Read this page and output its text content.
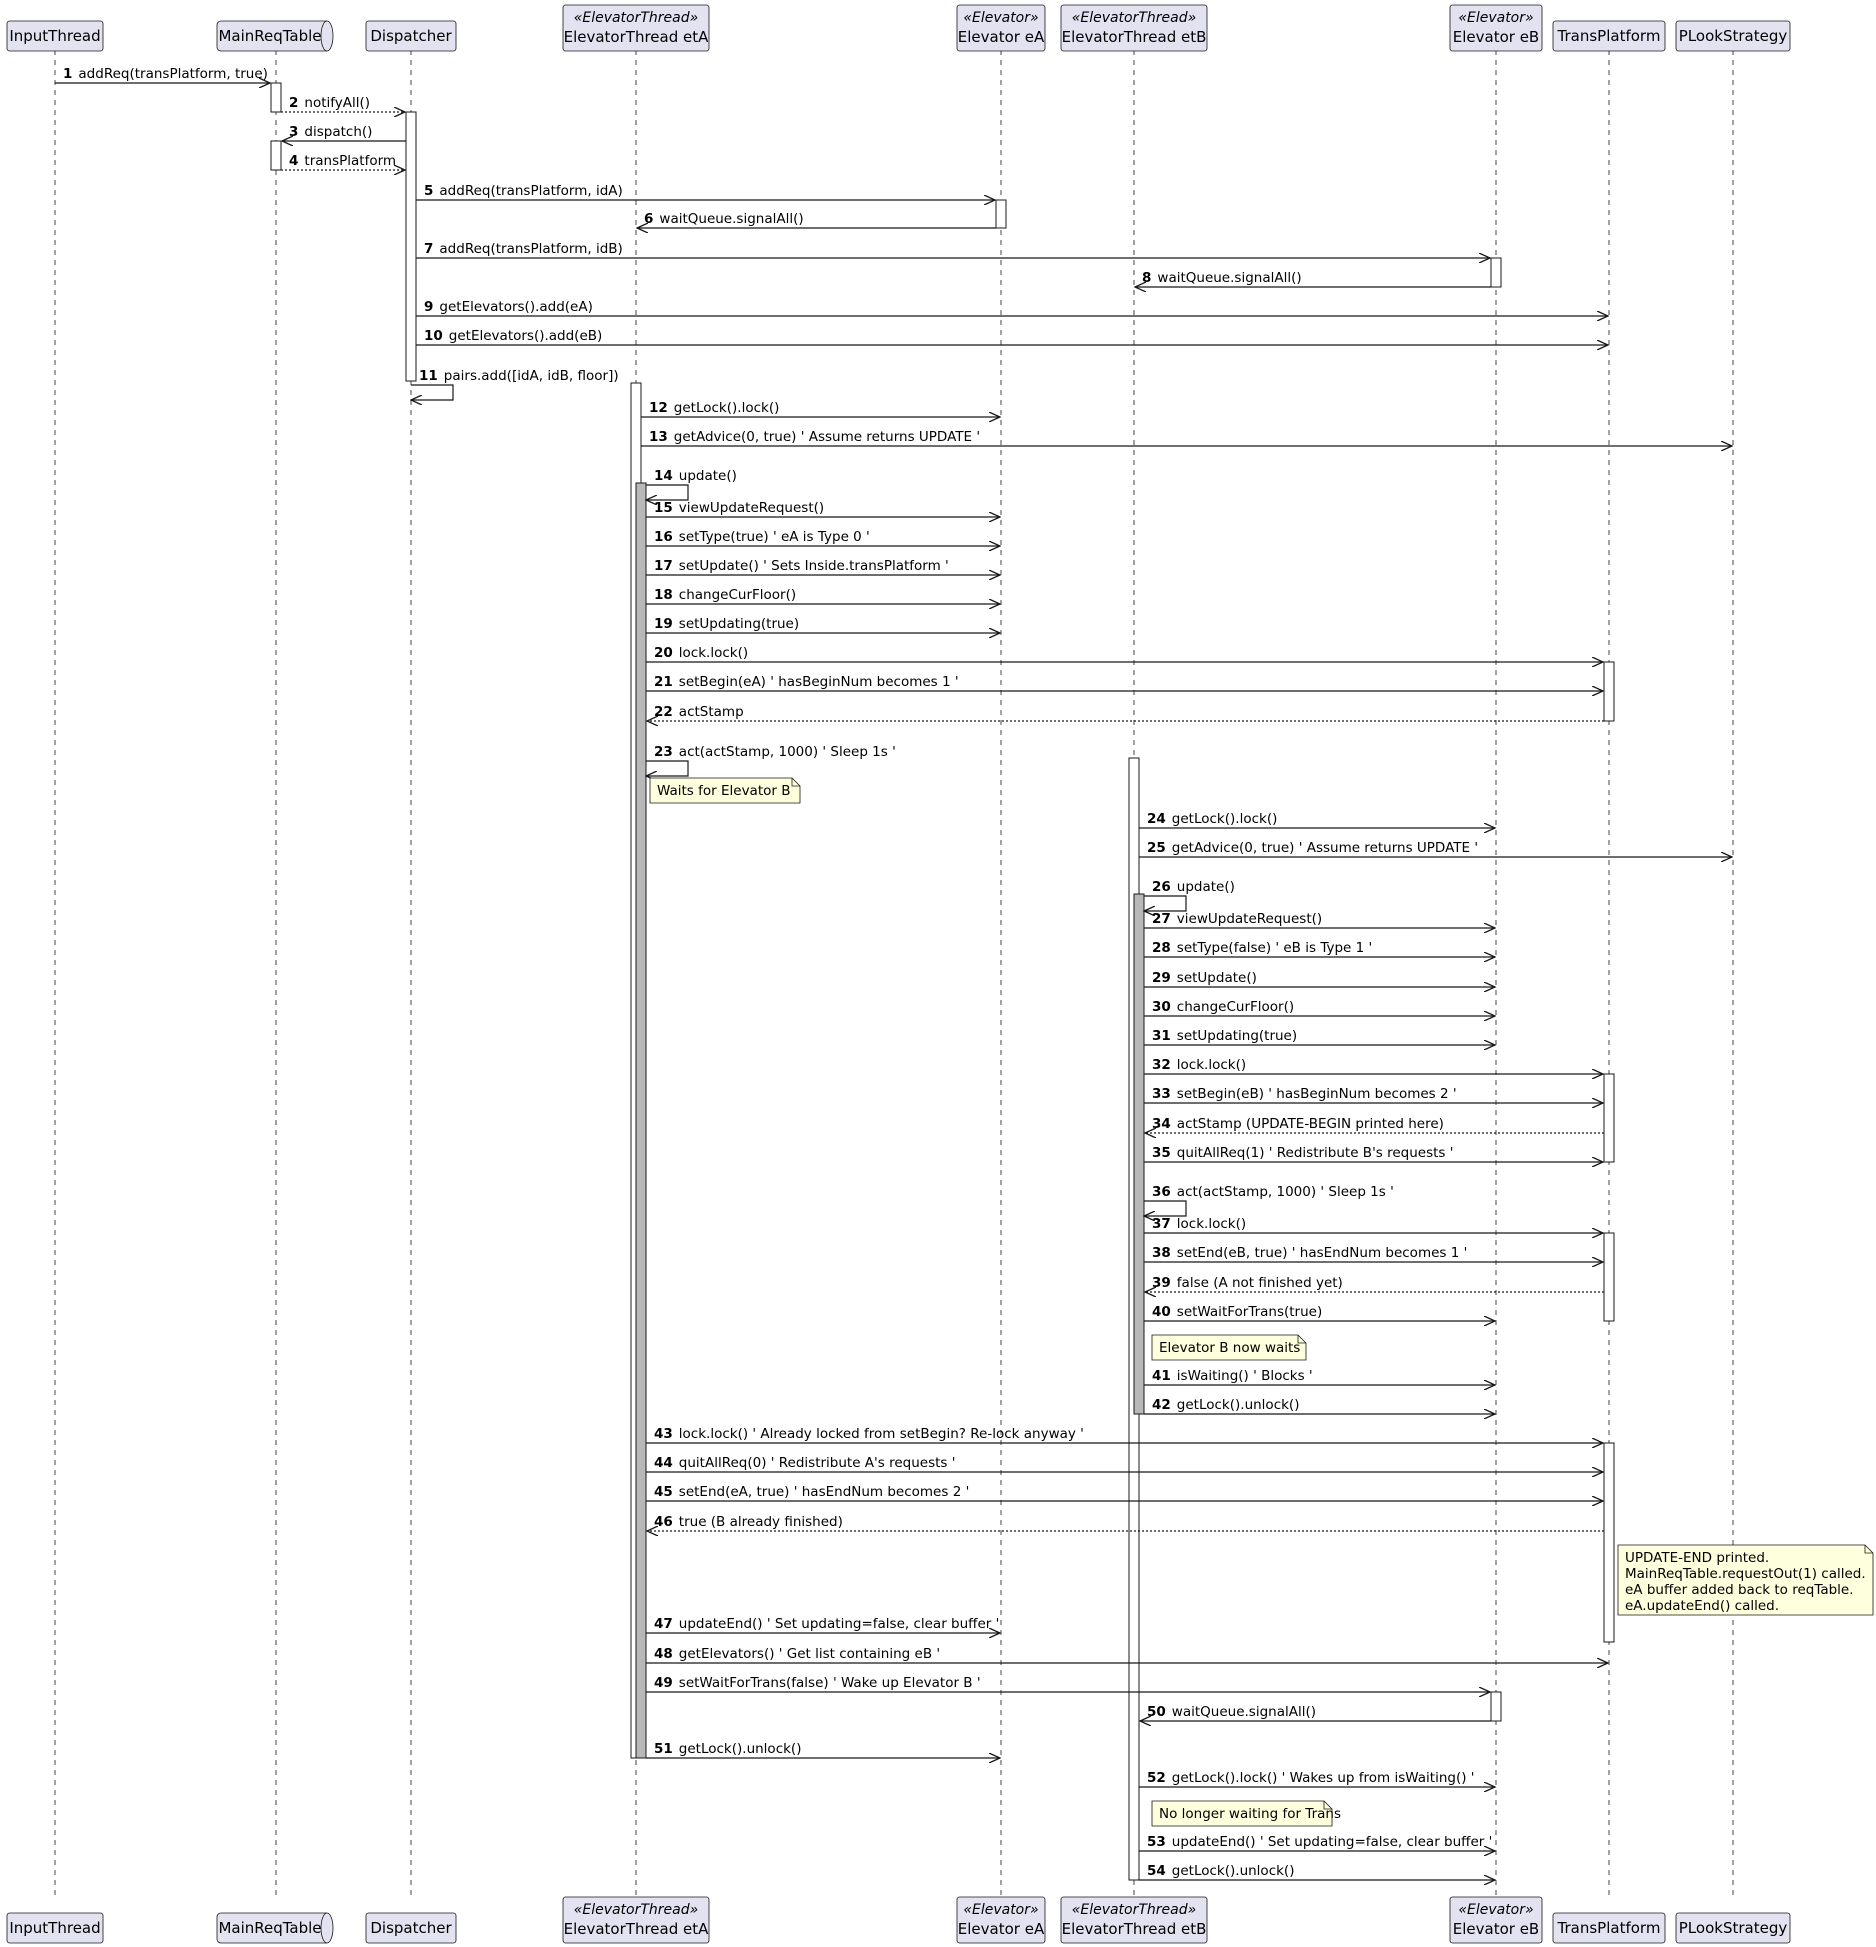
1 addReq(transPlatform, true)
2 notifyAll()
3 dispatch()
4 transPlatform
5 addReq(transPlatform, idA)
6 waitQueue.signalAll()
7 addReq(transPlatform, idB)
8 waitQueue.signalAll()
9 getElevators().add(eA)
10 getElevators().add(eB)
11 pairs.add([idA, idB, floor])
12 getLock().lock()
13 getAdvice(0, true) ' Assume returns UPDATE '
14 update()
15 viewUpdateRequest()
16 setType(true) ' eA is Type 0 '
17 setUpdate() ' Sets Inside.transPlatform '
18 changeCurFloor()
19 setUpdating(true)
20 lock.lock()
21 setBegin(eA) ' hasBeginNum becomes 1 '
22 actStamp
23 act(actStamp, 1000) ' Sleep 1s '
24 getLock().lock()
25 getAdvice(0, true) ' Assume returns UPDATE '
26 update()
27 viewUpdateRequest()
28 setType(false) ' eB is Type 1 '
29 setUpdate()
30 changeCurFloor()
31 setUpdating(true)
32 lock.lock()
33 setBegin(eB) ' hasBeginNum becomes 2 '
34 actStamp (UPDATE-BEGIN printed here)
35 quitAllReq(1) ' Redistribute B's requests '
36 act(actStamp, 1000) ' Sleep 1s '
37 lock.lock()
38 setEnd(eB, true) ' hasEndNum becomes 1 '
39 false (A not finished yet)
40 setWaitForTrans(true)
41 isWaiting() ' Blocks '
42 getLock().unlock()
43 lock.lock() ' Already locked from setBegin? Re-lock anyway '
44 quitAllReq(0) ' Redistribute A's requests '
45 setEnd(eA, true) ' hasEndNum becomes 2 '
46 true (B already finished)
47 updateEnd() ' Set updating=false, clear buffer '
48 getElevators() ' Get list containing eB '
49 setWaitForTrans(false) ' Wake up Elevator B '
50 waitQueue.signalAll()
51 getLock().unlock()
52 getLock().lock() ' Wakes up from isWaiting() '
53 updateEnd() ' Set updating=false, clear buffer '
54 getLock().unlock()
Waits for Elevator B
Elevator B now waits
UPDATE-END printed.
MainReqTable.requestOut(1) called.
eA buffer added back to reqTable.
eA.updateEnd() called.
No longer waiting for Trans
InputThread
InputThread
MainReqTable
MainReqTable
Dispatcher
Dispatcher
«ElevatorThread»
ElevatorThread etA
«ElevatorThread»
ElevatorThread etA
«Elevator»
Elevator eA
«Elevator»
Elevator eA
«ElevatorThread»
ElevatorThread etB
«ElevatorThread»
ElevatorThread etB
«Elevator»
Elevator eB
«Elevator»
Elevator eB
TransPlatform
TransPlatform
PLookStrategy
PLookStrategy
